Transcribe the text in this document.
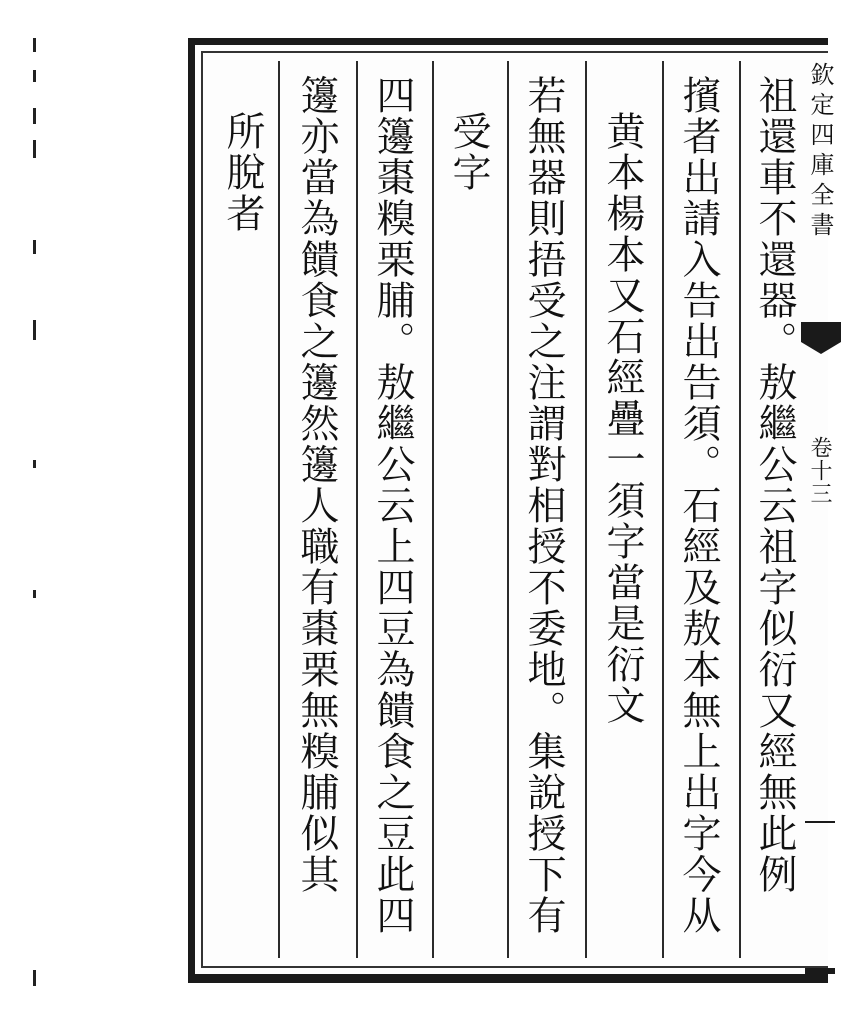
祖還車不還器。敖繼公云祖字似衍又經無此例
擯者出請入告出告須。石經及敖本無上出字今从
黄本楊本又石經疊一須字當是衍文
若無器則捂受之注謂對相授不委地。集說授下有
受字
四籩棗糗栗脯。敖繼公云上四豆為饋食之豆此四
籩亦當為饋食之籩然籩人職有棗栗無糗脯似其
所脫者	欽定四庫全書
卷十三
